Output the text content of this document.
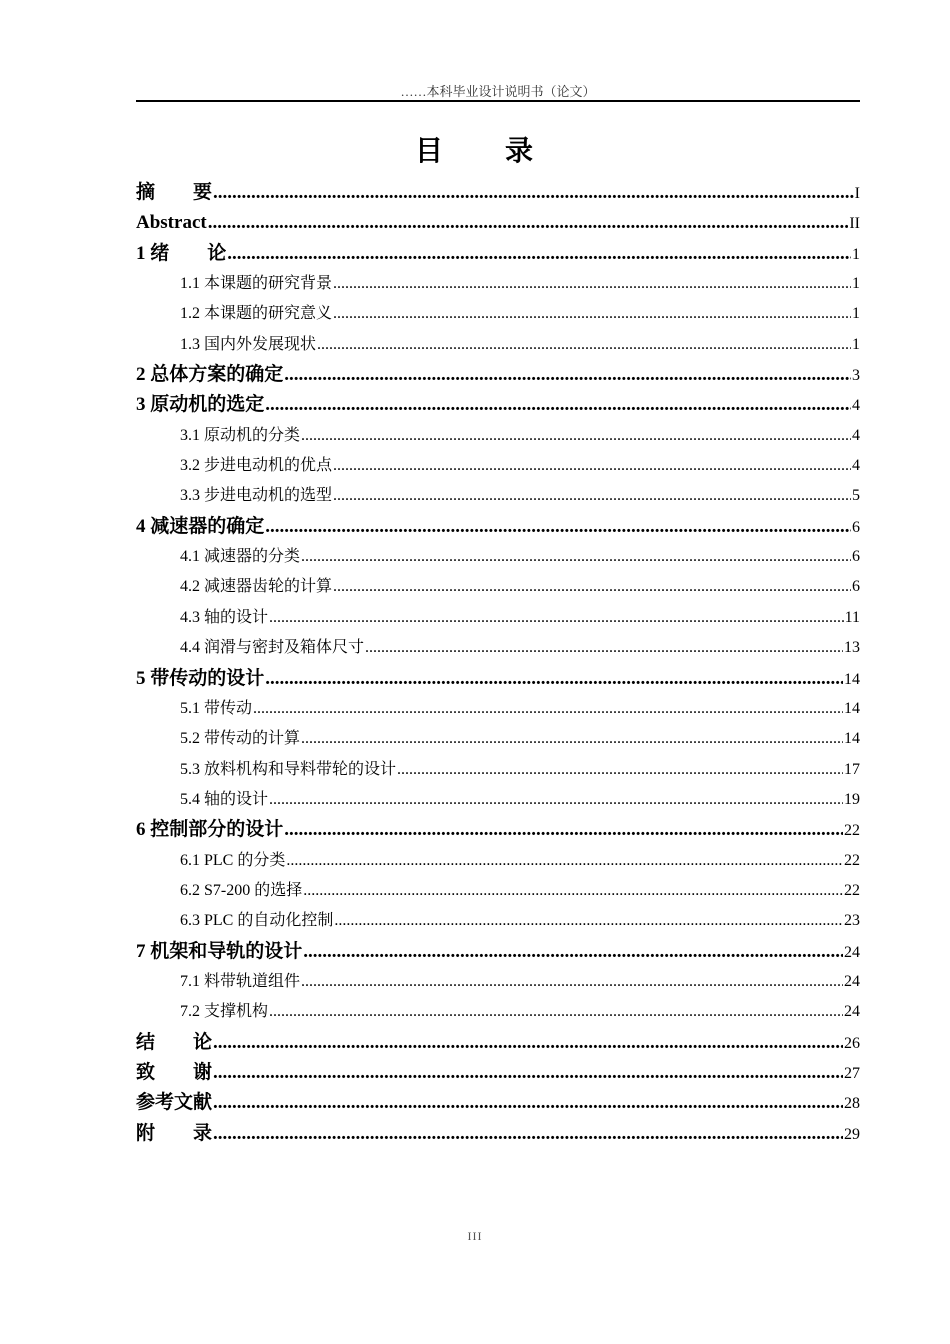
……本科毕业设计说明书（论文）
目　　录
摘　　要 .....	I
Abstract .....	II
1 绪　　论 .....	1
1.1 本课题的研究背景 .....	1
1.2 本课题的研究意义 .....	1
1.3 国内外发展现状 .....	1
2 总体方案的确定 .....	3
3 原动机的选定 .....	4
3.1 原动机的分类 .....	4
3.2 步进电动机的优点 .....	4
3.3 步进电动机的选型 .....	5
4 减速器的确定 .....	6
4.1 减速器的分类 .....	6
4.2 减速器齿轮的计算 .....	6
4.3 轴的设计 .....	11
4.4 润滑与密封及箱体尺寸 .....	13
5 带传动的设计 .....	14
5.1 带传动 .....	14
5.2 带传动的计算 .....	14
5.3 放料机构和导料带轮的设计 .....	17
5.4 轴的设计 .....	19
6 控制部分的设计 .....	22
6.1 PLC 的分类 .....	22
6.2 S7-200 的选择 .....	22
6.3 PLC 的自动化控制 .....	23
7 机架和导轨的设计 .....	24
7.1 料带轨道组件 .....	24
7.2 支撑机构 .....	24
结　　论 .....	26
致　　谢 .....	27
参考文献 .....	28
附　　录 .....	29
III
